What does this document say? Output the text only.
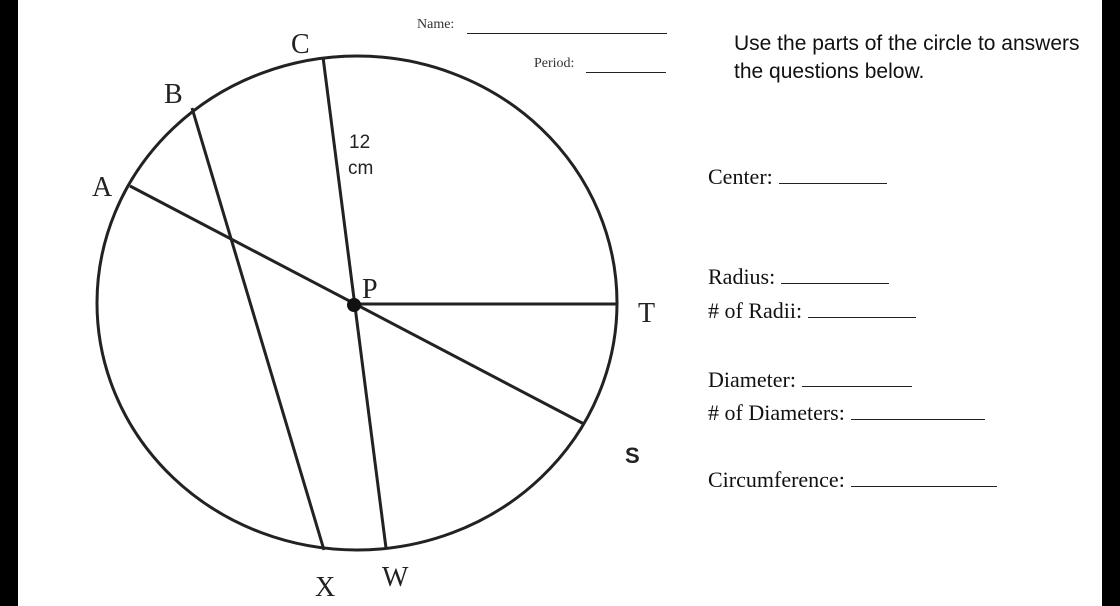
C
B
A
P
T
S
X W
12
cm
Name:
Period:
Use the parts of the circle to answers the questions below.
Center:
Radius:
# of Radii:
Diameter:
# of Diameters:
Circumference:
